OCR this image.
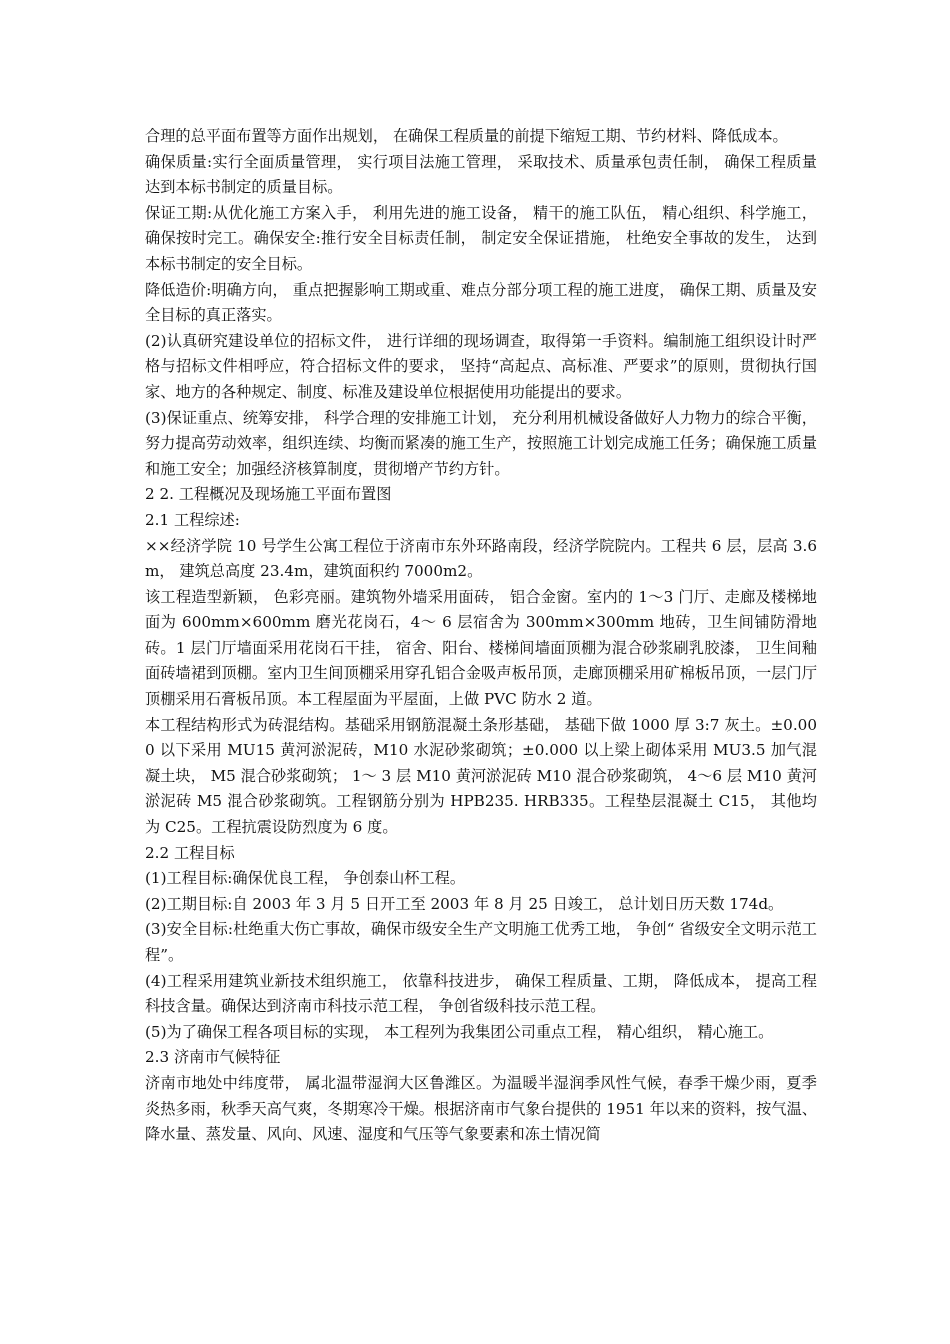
合理的总平面布置等方面作出规划， 在确保工程质量的前提下缩短工期、节约材料、降低成本。

确保质量:实行全面质量管理， 实行项目法施工管理， 采取技术、质量承包责任制， 确保工程质量达到本标书制定的质量目标。

保证工期:从优化施工方案入手， 利用先进的施工设备， 精干的施工队伍， 精心组织、科学施工， 确保按时完工。确保安全:推行安全目标责任制， 制定安全保证措施， 杜绝安全事故的发生， 达到本标书制定的安全目标。

降低造价:明确方向， 重点把握影响工期或重、难点分部分项工程的施工进度， 确保工期、质量及安全目标的真正落实。

(2)认真研究建设单位的招标文件， 进行详细的现场调查，取得第一手资料。编制施工组织设计时严格与招标文件相呼应，符合招标文件的要求， 坚持“高起点、高标准、严要求”的原则，贯彻执行国家、地方的各种规定、制度、标准及建设单位根据使用功能提出的要求。

(3)保证重点、统筹安排， 科学合理的安排施工计划， 充分利用机械设备做好人力物力的综合平衡，努力提高劳动效率，组织连续、均衡而紧凑的施工生产，按照施工计划完成施工任务；确保施工质量和施工安全；加强经济核算制度，贯彻增产节约方针。

2 2. 工程概况及现场施工平面布置图

2.1 工程综述:

××经济学院 10 号学生公寓工程位于济南市东外环路南段，经济学院院内。工程共 6 层，层高 3.6m， 建筑总高度 23.4m，建筑面积约 7000m2。

该工程造型新颖， 色彩亮丽。建筑物外墙采用面砖， 铝合金窗。室内的 1～3 门厅、走廊及楼梯地面为 600mm×600mm 磨光花岗石，4～ 6 层宿舍为 300mm×300mm 地砖，卫生间铺防滑地砖。1 层门厅墙面采用花岗石干挂， 宿舍、阳台、楼梯间墙面顶棚为混合砂浆刷乳胶漆， 卫生间釉面砖墙裙到顶棚。室内卫生间顶棚采用穿孔铝合金吸声板吊顶，走廊顶棚采用矿棉板吊顶，一层门厅顶棚采用石膏板吊顶。本工程屋面为平屋面，上做 PVC 防水 2 道。

本工程结构形式为砖混结构。基础采用钢筋混凝土条形基础， 基础下做 1000 厚 3:7 灰土。±0.000 以下采用 MU15 黄河淤泥砖，M10 水泥砂浆砌筑；±0.000 以上梁上砌体采用 MU3.5 加气混凝土块， M5 混合砂浆砌筑； 1～ 3 层 M10 黄河淤泥砖 M10 混合砂浆砌筑， 4～6 层 M10 黄河淤泥砖 M5 混合砂浆砌筑。工程钢筋分别为 HPB235. HRB335。工程垫层混凝土 C15， 其他均为 C25。工程抗震设防烈度为 6 度。

2.2 工程目标

(1)工程目标:确保优良工程， 争创泰山杯工程。

(2)工期目标:自 2003 年 3 月 5 日开工至 2003 年 8 月 25 日竣工， 总计划日历天数 174d。

(3)安全目标:杜绝重大伤亡事故，确保市级安全生产文明施工优秀工地， 争创“ 省级安全文明示范工程”。

(4)工程采用建筑业新技术组织施工， 依靠科技进步， 确保工程质量、工期， 降低成本， 提高工程科技含量。确保达到济南市科技示范工程， 争创省级科技示范工程。

(5)为了确保工程各项目标的实现， 本工程列为我集团公司重点工程， 精心组织， 精心施工。

2.3 济南市气候特征

济南市地处中纬度带， 属北温带湿润大区鲁潍区。为温暖半湿润季风性气候，春季干燥少雨，夏季炎热多雨，秋季天高气爽，冬期寒冷干燥。根据济南市气象台提供的 1951 年以来的资料，按气温、降水量、蒸发量、风向、风速、湿度和气压等气象要素和冻土情况简
